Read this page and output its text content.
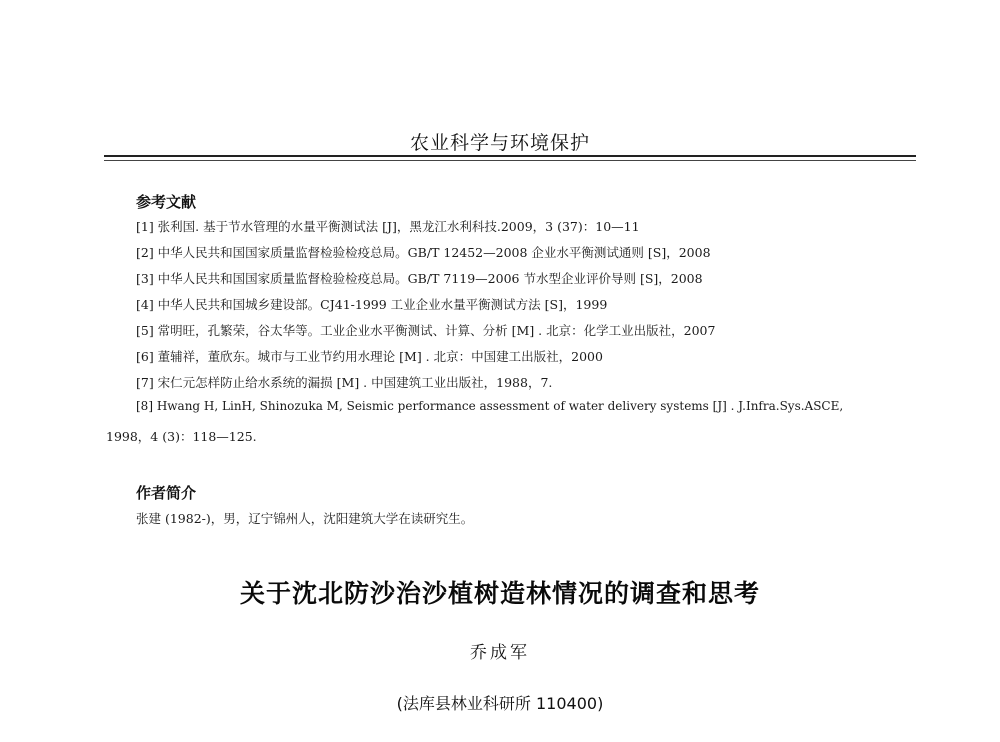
农业科学与环境保护
参考文献
[1] 张利国. 基于节水管理的水量平衡测试法 [J]，黑龙江水利科技.2009，3 (37)：10—11
[2] 中华人民共和国国家质量监督检验检疫总局。GB/T 12452—2008 企业水平衡测试通则 [S]，2008
[3] 中华人民共和国国家质量监督检验检疫总局。GB/T 7119—2006 节水型企业评价导则 [S]，2008
[4] 中华人民共和国城乡建设部。CJ41-1999 工业企业水量平衡测试方法 [S]，1999
[5] 常明旺，孔繁荣，谷太华等。工业企业水平衡测试、计算、分析 [M] . 北京：化学工业出版社，2007
[6] 董辅祥，董欣东。城市与工业节约用水理论 [M] . 北京：中国建工出版社，2000
[7] 宋仁元怎样防止给水系统的漏损 [M] . 中国建筑工业出版社，1988，7.
[8] Hwang H, LinH, Shinozuka M, Seismic performance assessment of water delivery systems [J] . J.Infra.Sys.ASCE,
1998，4 (3)：118—125.
作者简介
张建 (1982-)，男，辽宁锦州人，沈阳建筑大学在读研究生。
关于沈北防沙治沙植树造林情况的调查和思考
乔成军
(法库县林业科研所 110400)
